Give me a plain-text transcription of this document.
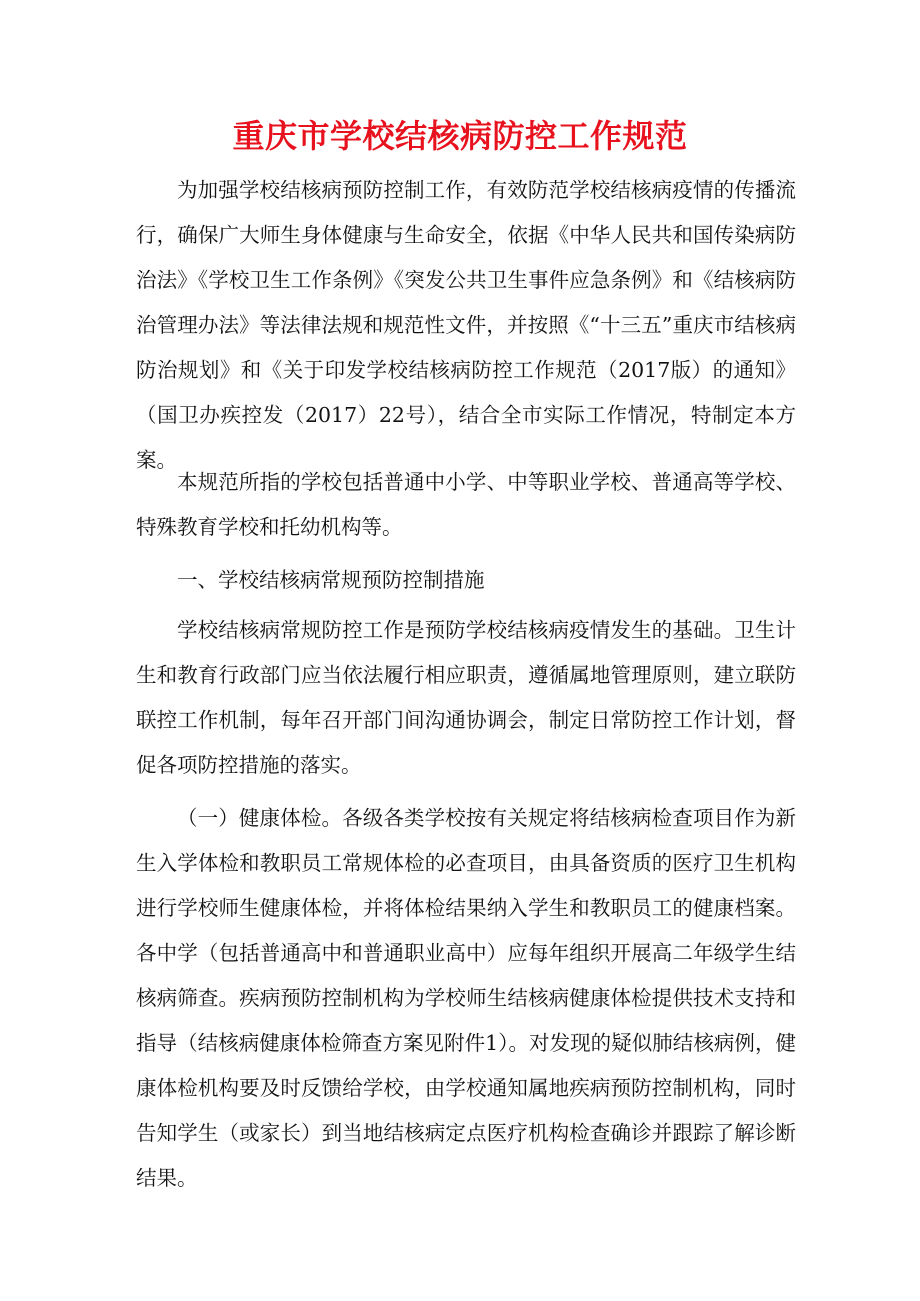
重庆市学校结核病防控工作规范

为加强学校结核病预防控制工作，有效防范学校结核病疫情的传播流行，确保广大师生身体健康与生命安全，依据《中华人民共和国传染病防治法》《学校卫生工作条例》《突发公共卫生事件应急条例》和《结核病防治管理办法》等法律法规和规范性文件，并按照《“十三五”重庆市结核病防治规划》和《关于印发学校结核病防控工作规范（2017版）的通知》（国卫办疾控发（2017）22号），结合全市实际工作情况，特制定本方案。

本规范所指的学校包括普通中小学、中等职业学校、普通高等学校、特殊教育学校和托幼机构等。

一、学校结核病常规预防控制措施

学校结核病常规防控工作是预防学校结核病疫情发生的基础。卫生计生和教育行政部门应当依法履行相应职责，遵循属地管理原则，建立联防联控工作机制，每年召开部门间沟通协调会，制定日常防控工作计划，督促各项防控措施的落实。

（一）健康体检。各级各类学校按有关规定将结核病检查项目作为新生入学体检和教职员工常规体检的必查项目，由具备资质的医疗卫生机构进行学校师生健康体检，并将体检结果纳入学生和教职员工的健康档案。各中学（包括普通高中和普通职业高中）应每年组织开展高二年级学生结核病筛查。疾病预防控制机构为学校师生结核病健康体检提供技术支持和指导（结核病健康体检筛查方案见附件1）。对发现的疑似肺结核病例，健康体检机构要及时反馈给学校，由学校通知属地疾病预防控制机构，同时告知学生（或家长）到当地结核病定点医疗机构检查确诊并跟踪了解诊断结果。
